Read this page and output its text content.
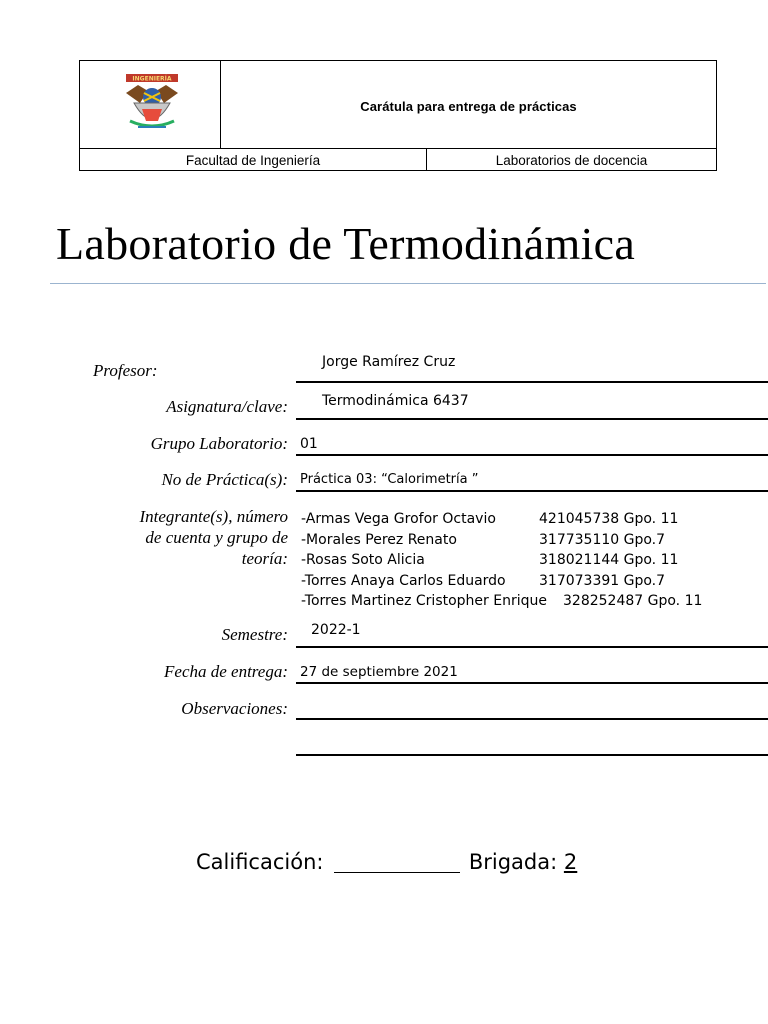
INGENIERÍA
Carátula para entrega de prácticas
Facultad de Ingeniería	Laboratorios de docencia
Laboratorio de Termodinámica
Profesor:	Jorge Ramírez Cruz
Asignatura/clave: Termodinámica 6437
Grupo Laboratorio: 01
No de Práctica(s): Práctica 03: “Calorimetría ”
Integrante(s), número
de cuenta y grupo de
teoría:
-Armas Vega Grofor Octavio	421045738 Gpo. 11
-Morales Perez Renato	317735110 Gpo.7
-Rosas Soto Alicia	318021144 Gpo. 11
-Torres Anaya Carlos Eduardo 317073391 Gpo.7
-Torres Martinez Cristopher Enrique 328252487 Gpo. 11
Semestre: 2022-1
Fecha de entrega: 27 de septiembre 2021
Observaciones:
Calificación:	Brigada: 2
